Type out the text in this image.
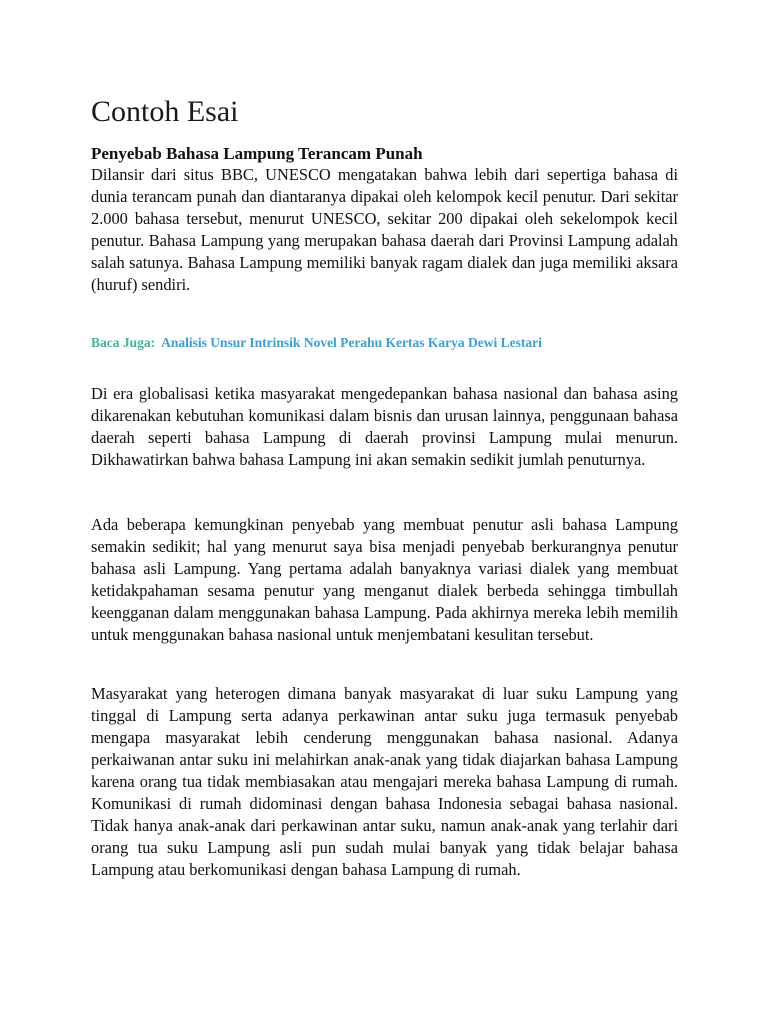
Contoh Esai
Penyebab Bahasa Lampung Terancam Punah

Dilansir dari situs BBC, UNESCO mengatakan bahwa lebih dari sepertiga bahasa di dunia terancam punah dan diantaranya dipakai oleh kelompok kecil penutur. Dari sekitar 2.000 bahasa tersebut, menurut UNESCO, sekitar 200 dipakai oleh sekelompok kecil penutur. Bahasa Lampung yang merupakan bahasa daerah dari Provinsi Lampung adalah salah satunya. Bahasa Lampung memiliki banyak ragam dialek dan juga memiliki aksara (huruf) sendiri.

Baca Juga: Analisis Unsur Intrinsik Novel Perahu Kertas Karya Dewi Lestari

Di era globalisasi ketika masyarakat mengedepankan bahasa nasional dan bahasa asing dikarenakan kebutuhan komunikasi dalam bisnis dan urusan lainnya, penggunaan bahasa daerah seperti bahasa Lampung di daerah provinsi Lampung mulai menurun. Dikhawatirkan bahwa bahasa Lampung ini akan semakin sedikit jumlah penuturnya.

Ada beberapa kemungkinan penyebab yang membuat penutur asli bahasa Lampung semakin sedikit; hal yang menurut saya bisa menjadi penyebab berkurangnya penutur bahasa asli Lampung. Yang pertama adalah banyaknya variasi dialek yang membuat ketidakpahaman sesama penutur yang menganut dialek berbeda sehingga timbullah keengganan dalam menggunakan bahasa Lampung. Pada akhirnya mereka lebih memilih untuk menggunakan bahasa nasional untuk menjembatani kesulitan tersebut.

Masyarakat yang heterogen dimana banyak masyarakat di luar suku Lampung yang tinggal di Lampung serta adanya perkawinan antar suku juga termasuk penyebab mengapa masyarakat lebih cenderung menggunakan bahasa nasional. Adanya perkaiwanan antar suku ini melahirkan anak-anak yang tidak diajarkan bahasa Lampung karena orang tua tidak membiasakan atau mengajari mereka bahasa Lampung di rumah. Komunikasi di rumah didominasi dengan bahasa Indonesia sebagai bahasa nasional. Tidak hanya anak-anak dari perkawinan antar suku, namun anak-anak yang terlahir dari orang tua suku Lampung asli pun sudah mulai banyak yang tidak belajar bahasa Lampung atau berkomunikasi dengan bahasa Lampung di rumah.
